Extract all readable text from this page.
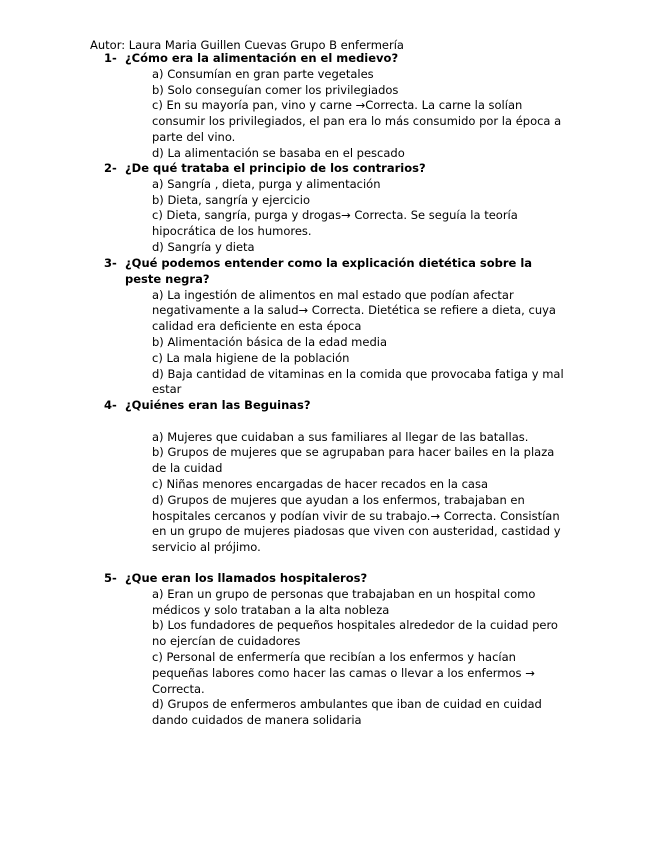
Autor: Laura Maria Guillen Cuevas Grupo B enfermería
1- ¿Cómo era la alimentación en el medievo?

a) Consumían en gran parte vegetales

b) Solo conseguían comer los privilegiados

c) En su mayoría pan, vino y carne →Correcta. La carne la solían consumir los privilegiados, el pan era lo más consumido por la época a parte del vino.

d) La alimentación se basaba en el pescado

2- ¿De qué trataba el principio de los contrarios?

a) Sangría , dieta, purga y alimentación

b) Dieta, sangría y ejercicio

c) Dieta, sangría, purga y drogas→ Correcta. Se seguía la teoría hipocrática de los humores.

d) Sangría y dieta

3- ¿Qué podemos entender como la explicación dietética sobre la peste negra?

a) La ingestión de alimentos en mal estado que podían afectar negativamente a la salud→ Correcta. Dietética se refiere a dieta, cuya calidad era deficiente en esta época

b) Alimentación básica de la edad media

c) La mala higiene de la población

d) Baja cantidad de vitaminas en la comida que provocaba fatiga y mal estar

4- ¿Quiénes eran las Beguinas?

a) Mujeres que cuidaban a sus familiares al llegar de las batallas.

b) Grupos de mujeres que se agrupaban para hacer bailes en la plaza de la cuidad

c) Niñas menores encargadas de hacer recados en la casa

d) Grupos de mujeres que ayudan a los enfermos, trabajaban en hospitales cercanos y podían vivir de su trabajo.→ Correcta. Consistían en un grupo de mujeres piadosas que viven con austeridad, castidad y servicio al prójimo.

5- ¿Que eran los llamados hospitaleros?

a) Eran un grupo de personas que trabajaban en un hospital como médicos y solo trataban a la alta nobleza

b) Los fundadores de pequeños hospitales alrededor de la cuidad pero no ejercían de cuidadores

c) Personal de enfermería que recibían a los enfermos y hacían pequeñas labores como hacer las camas o llevar a los enfermos → Correcta.

d) Grupos de enfermeros ambulantes que iban de cuidad en cuidad dando cuidados de manera solidaria
